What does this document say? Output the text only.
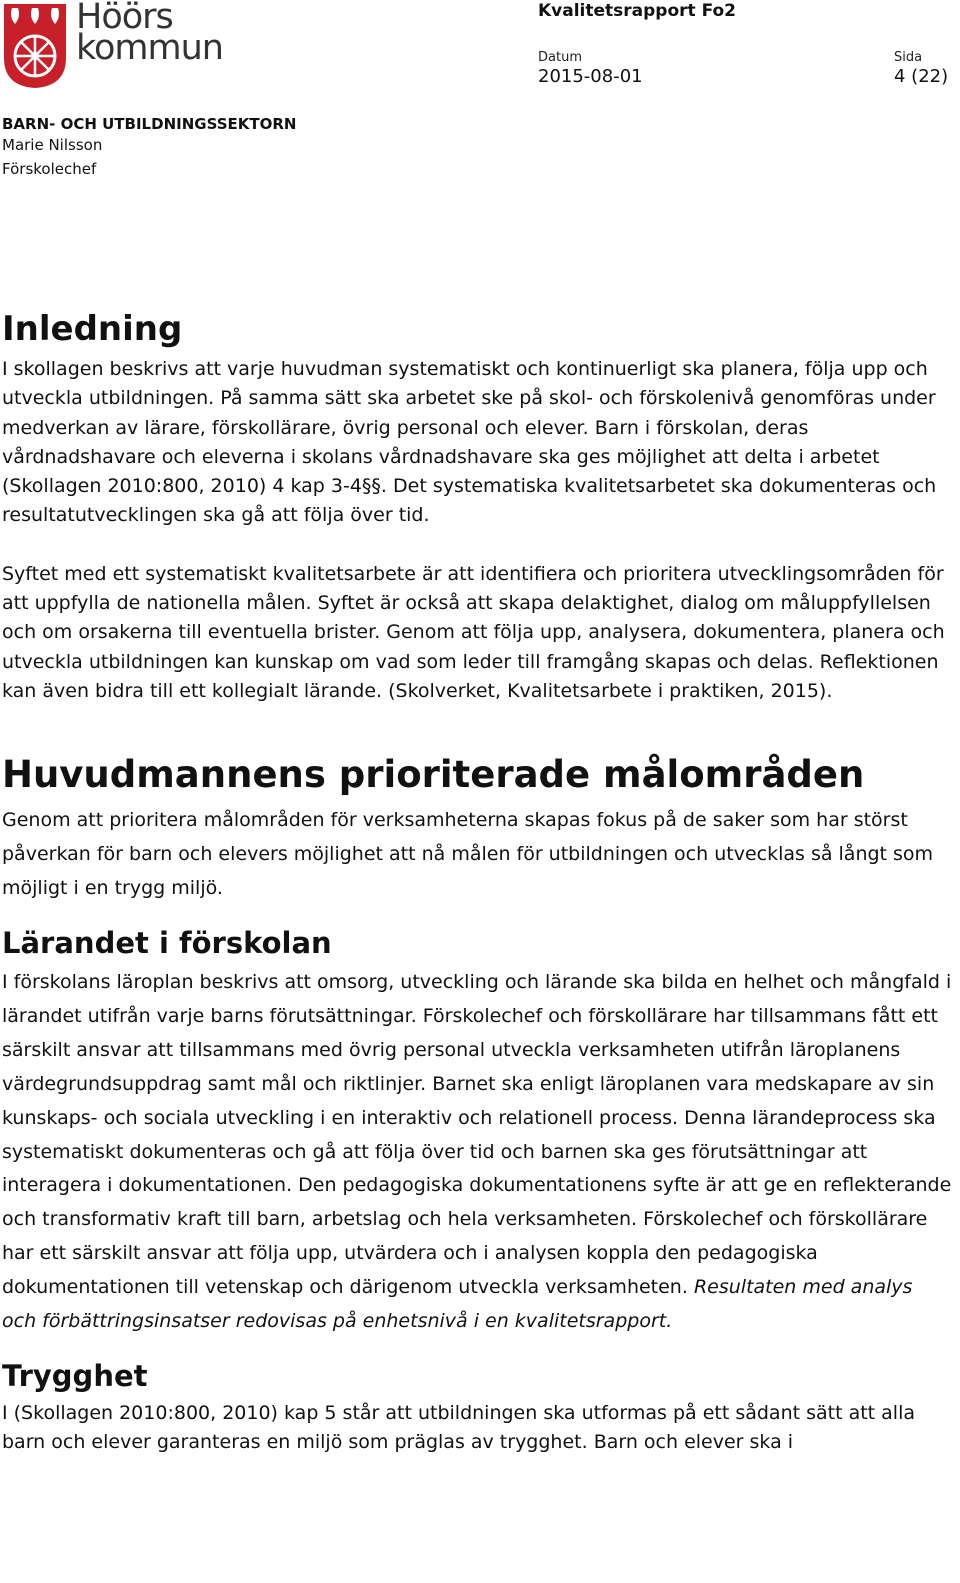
Höörs
kommun
Kvalitetsrapport Fo2
Datum
2015-08-01
Sida
4 (22)
BARN- OCH UTBILDNINGSSEKTORN
Marie Nilsson
Förskolechef
Inledning

I skollagen beskrivs att varje huvudman systematiskt och kontinuerligt ska planera, följa upp och utveckla utbildningen. På samma sätt ska arbetet ske på skol- och förskolenivå genomföras under medverkan av lärare, förskollärare, övrig personal och elever. Barn i förskolan, deras vårdnadshavare och eleverna i skolans vårdnadshavare ska ges möjlighet att delta i arbetet (Skollagen 2010:800, 2010) 4 kap 3-4§§. Det systematiska kvalitetsarbetet ska dokumenteras och resultatutvecklingen ska gå att följa över tid.

Syftet med ett systematiskt kvalitetsarbete är att identifiera och prioritera utvecklingsområden för att uppfylla de nationella målen. Syftet är också att skapa delaktighet, dialog om måluppfyllelsen och om orsakerna till eventuella brister. Genom att följa upp, analysera, dokumentera, planera och utveckla utbildningen kan kunskap om vad som leder till framgång skapas och delas. Reflektionen kan även bidra till ett kollegialt lärande. (Skolverket, Kvalitetsarbete i praktiken, 2015).

Huvudmannens prioriterade målområden

Genom att prioritera målområden för verksamheterna skapas fokus på de saker som har störst påverkan för barn och elevers möjlighet att nå målen för utbildningen och utvecklas så långt som möjligt i en trygg miljö.

Lärandet i förskolan

I förskolans läroplan beskrivs att omsorg, utveckling och lärande ska bilda en helhet och mångfald i lärandet utifrån varje barns förutsättningar. Förskolechef och förskollärare har tillsammans fått ett särskilt ansvar att tillsammans med övrig personal utveckla verksamheten utifrån läroplanens värdegrundsuppdrag samt mål och riktlinjer. Barnet ska enligt läroplanen vara medskapare av sin kunskaps- och sociala utveckling i en interaktiv och relationell process. Denna lärandeprocess ska systematiskt dokumenteras och gå att följa över tid och barnen ska ges förutsättningar att interagera i dokumentationen. Den pedagogiska dokumentationens syfte är att ge en reflekterande och transformativ kraft till barn, arbetslag och hela verksamheten. Förskolechef och förskollärare har ett särskilt ansvar att följa upp, utvärdera och i analysen koppla den pedagogiska dokumentationen till vetenskap och därigenom utveckla verksamheten. Resultaten med analys och förbättringsinsatser redovisas på enhetsnivå i en kvalitetsrapport.

Trygghet

I (Skollagen 2010:800, 2010) kap 5 står att utbildningen ska utformas på ett sådant sätt att alla barn och elever garanteras en miljö som präglas av trygghet. Barn och elever ska i
